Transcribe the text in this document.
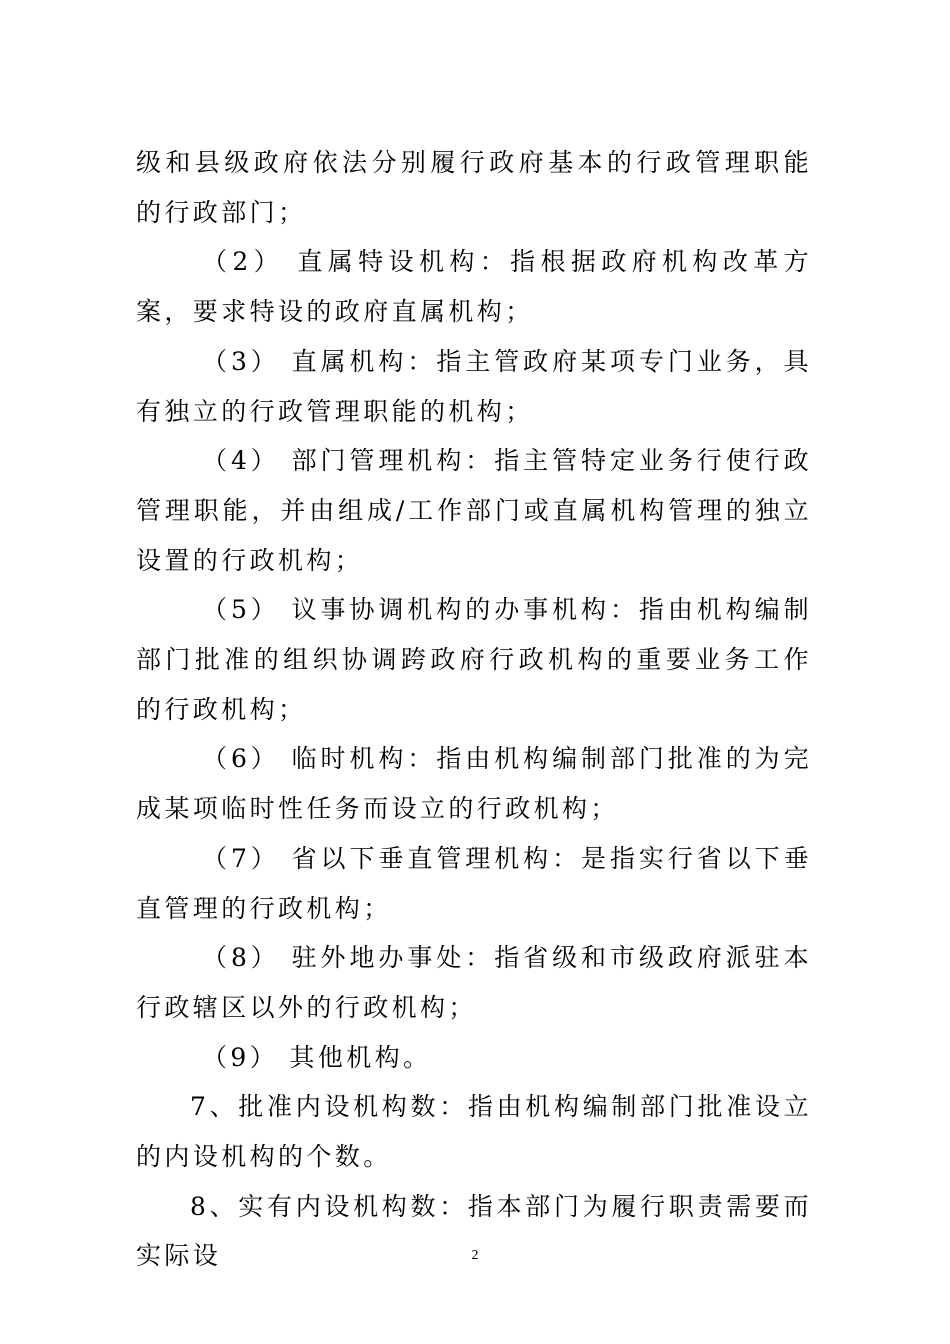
级和县级政府依法分别履行政府基本的行政管理职能的行政部门；

（2） 直属特设机构：指根据政府机构改革方案，要求特设的政府直属机构；

（3） 直属机构：指主管政府某项专门业务，具有独立的行政管理职能的机构；

（4） 部门管理机构：指主管特定业务行使行政管理职能，并由组成/工作部门或直属机构管理的独立设置的行政机构；

（5） 议事协调机构的办事机构：指由机构编制部门批准的组织协调跨政府行政机构的重要业务工作的行政机构；

（6） 临时机构：指由机构编制部门批准的为完成某项临时性任务而设立的行政机构；

（7） 省以下垂直管理机构：是指实行省以下垂直管理的行政机构；

（8） 驻外地办事处：指省级和市级政府派驻本行政辖区以外的行政机构；

（9） 其他机构。

7、批准内设机构数：指由机构编制部门批准设立的内设机构的个数。

8、实有内设机构数：指本部门为履行职责需要而实际设	2
